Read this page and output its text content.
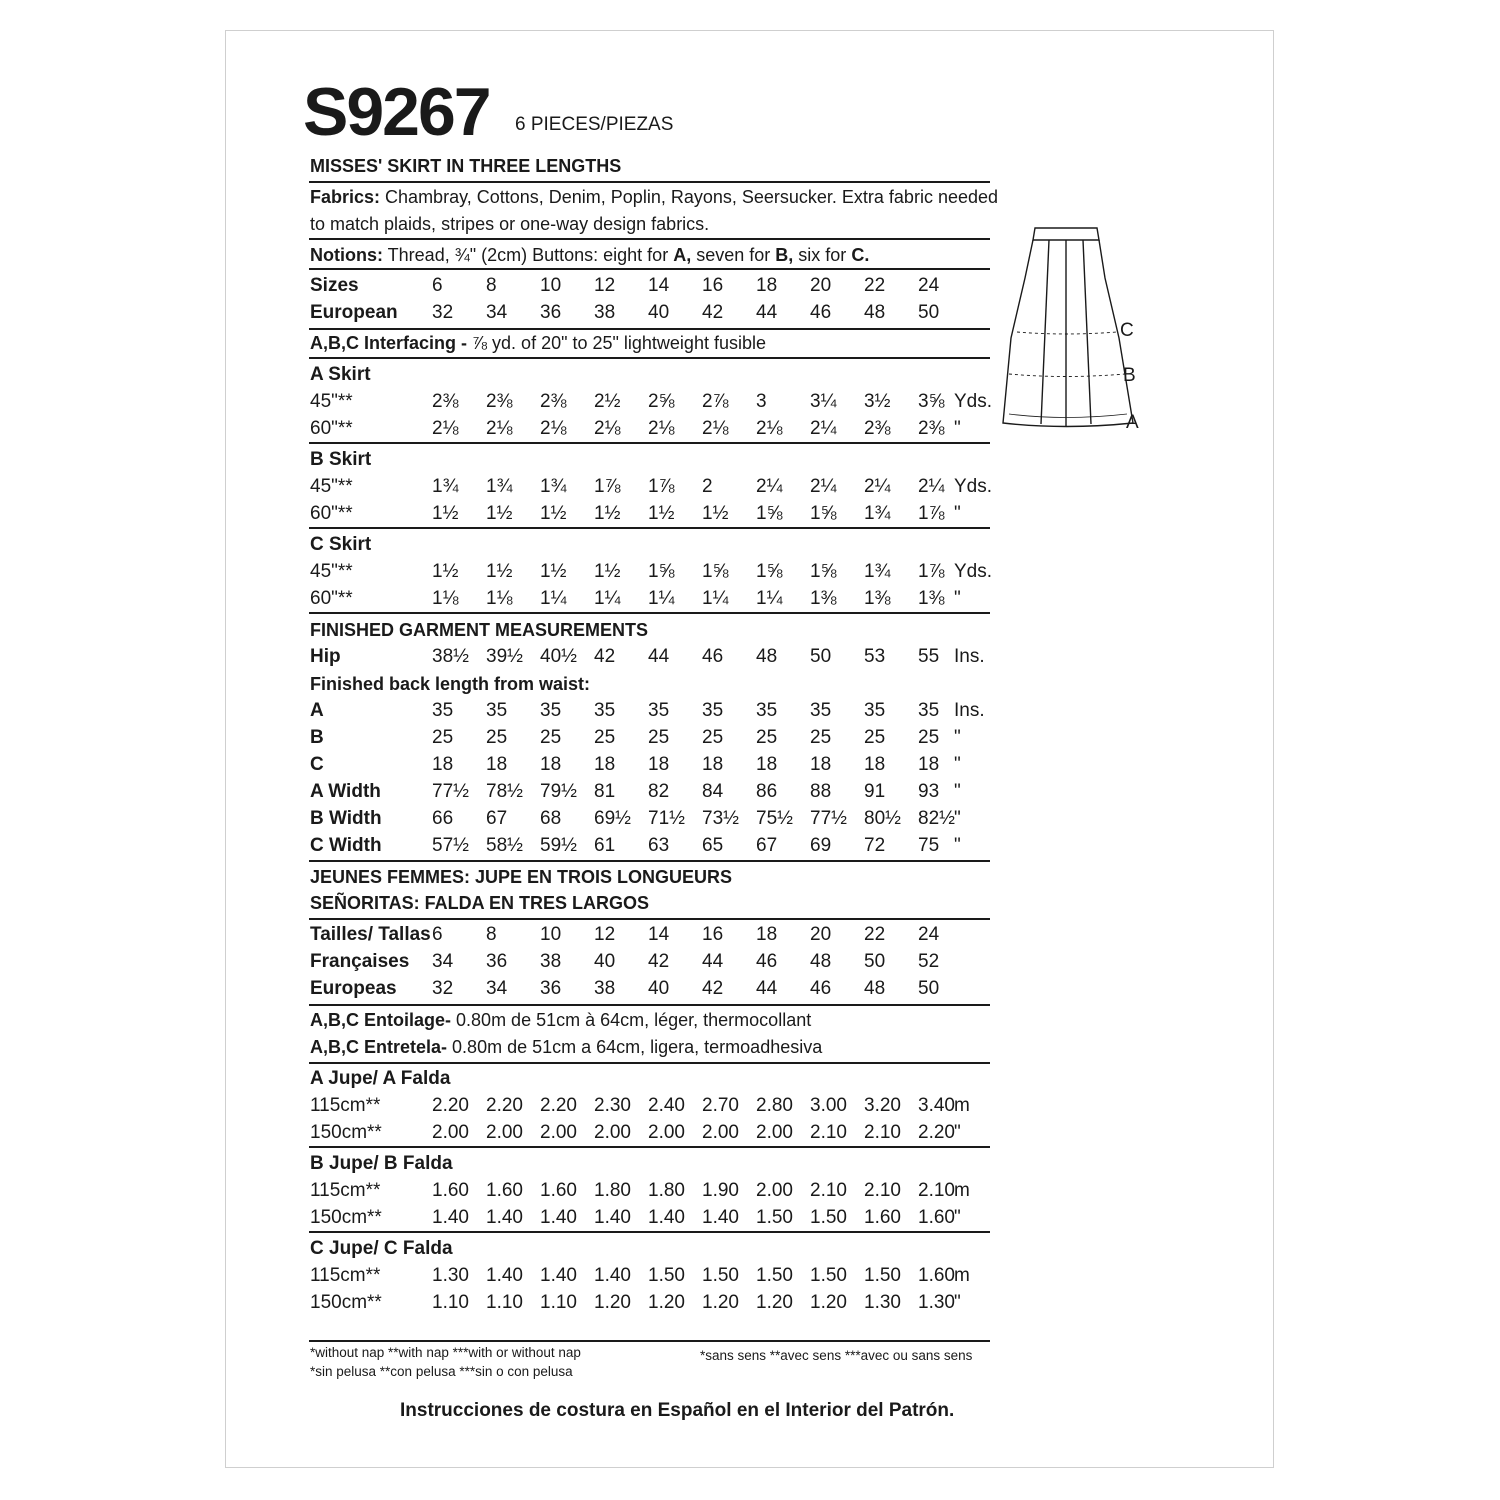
S9267 6 PIECES/PIEZAS
MISSES' SKIRT IN THREE LENGTHS
Fabrics: Chambray, Cottons, Denim, Poplin, Rayons, Seersucker. Extra fabric needed
to match plaids, stripes or one-way design fabrics.
Notions: Thread, ¾" (2cm) Buttons: eight for A, seven for B, six for C.
Sizes	6 8 10 12 14 16 18 20 22 24
European 32 34 36 38 40 42 44 46 48 50
A Skirt
45"**	2⅜ 2⅜ 2⅜ 2½ 2⅝ 2⅞ 3 3¼ 3½ 3⅝ Yds.
60"**	2⅛ 2⅛ 2⅛ 2⅛ 2⅛ 2⅛ 2⅛ 2¼ 2⅜ 2⅜ "
B Skirt
45"**	1¾ 1¾ 1¾ 1⅞ 1⅞ 2 2¼ 2¼ 2¼ 2¼ Yds.
60"**	1½ 1½ 1½ 1½ 1½ 1½ 1⅝ 1⅝ 1¾ 1⅞ "
C Skirt
45"**	1½ 1½ 1½ 1½ 1⅝ 1⅝ 1⅝ 1⅝ 1¾ 1⅞ Yds.
60"**	1⅛ 1⅛ 1¼ 1¼ 1¼ 1¼ 1¼ 1⅜ 1⅜ 1⅜ "
Hip	38½ 39½ 40½ 42 44 46 48 50 53 55 Ins.
A	35 35 35 35 35 35 35 35 35 35 Ins.
B	25 25 25 25 25 25 25 25 25 25 "
C	18 18 18 18 18 18 18 18 18 18 "
A Width	77½ 78½ 79½ 81 82 84 86 88 91 93 "
B Width	66 67 68 69½ 71½ 73½ 75½ 77½ 80½ 82½ "
C Width	57½ 58½ 59½ 61 63 65 67 69 72 75 "
Tailles/ Tallas 6 8 10 12 14 16 18 20 22 24
Françaises 34 36 38 40 42 44 46 48 50 52
Europeas 32 34 36 38 40 42 44 46 48 50
A Jupe/ A Falda
115cm**	2.20 2.20 2.20 2.30 2.40 2.70 2.80 3.00 3.20 3.40 m
150cm**	2.00 2.00 2.00 2.00 2.00 2.00 2.00 2.10 2.10 2.20 "
B Jupe/ B Falda
115cm**	1.60 1.60 1.60 1.80 1.80 1.90 2.00 2.10 2.10 2.10 m
150cm**	1.40 1.40 1.40 1.40 1.40 1.40 1.50 1.50 1.60 1.60 "
C Jupe/ C Falda
115cm**	1.30 1.40 1.40 1.40 1.50 1.50 1.50 1.50 1.50 1.60 m
150cm**	1.10 1.10 1.10 1.20 1.20 1.20 1.20 1.20 1.30 1.30 "
A,B,C Interfacing - ⅞ yd. of 20" to 25" lightweight fusible
FINISHED GARMENT MEASUREMENTS
Finished back length from waist:
JEUNES FEMMES: JUPE EN TROIS LONGUEURS
SEÑORITAS: FALDA EN TRES LARGOS
A,B,C Entoilage- 0.80m de 51cm à 64cm, léger, thermocollant
A,B,C Entretela- 0.80m de 51cm a 64cm, ligera, termoadhesiva
*without nap **with nap ***with or without nap
*sin pelusa **con pelusa ***sin o con pelusa
*sans sens **avec sens ***avec ou sans sens
Instrucciones de costura en Español en el Interior del Patrón.
C
B
A
